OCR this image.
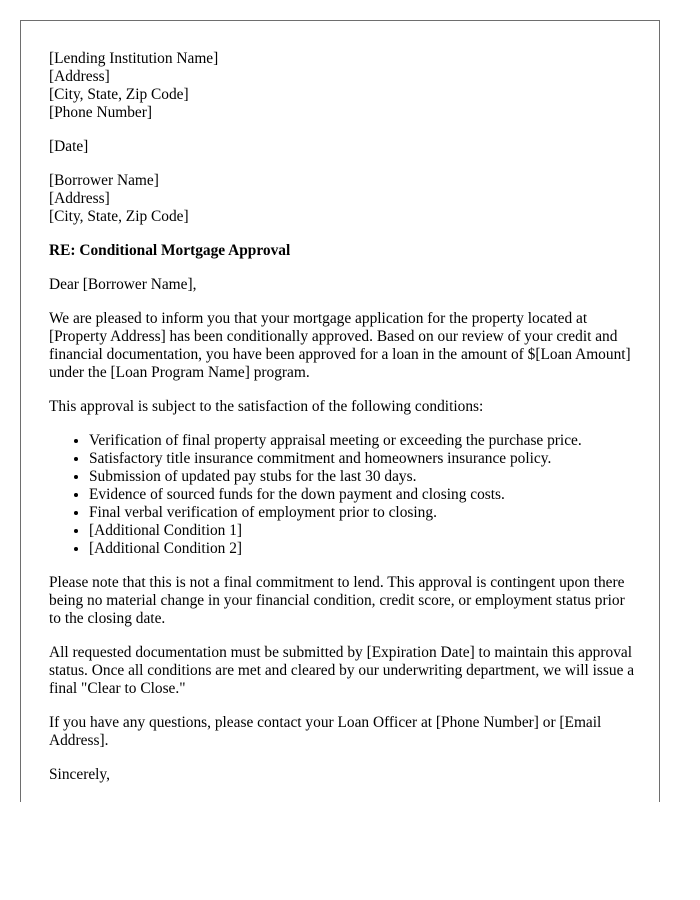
[Lending Institution Name]
[Address]
[City, State, Zip Code]
[Phone Number]
[Date]
[Borrower Name]
[Address]
[City, State, Zip Code]

RE: Conditional Mortgage Approval

Dear [Borrower Name],

We are pleased to inform you that your mortgage application for the property located at [Property Address] has been conditionally approved. Based on our review of your credit and financial documentation, you have been approved for a loan in the amount of $[Loan Amount] under the [Loan Program Name] program.

This approval is subject to the satisfaction of the following conditions:

• Verification of final property appraisal meeting or exceeding the purchase price.
• Satisfactory title insurance commitment and homeowners insurance policy.
• Submission of updated pay stubs for the last 30 days.
• Evidence of sourced funds for the down payment and closing costs.
• Final verbal verification of employment prior to closing.
• [Additional Condition 1]
• [Additional Condition 2]

Please note that this is not a final commitment to lend. This approval is contingent upon there being no material change in your financial condition, credit score, or employment status prior to the closing date.

All requested documentation must be submitted by [Expiration Date] to maintain this approval status. Once all conditions are met and cleared by our underwriting department, we will issue a final "Clear to Close."

If you have any questions, please contact your Loan Officer at [Phone Number] or [Email Address].

Sincerely,
